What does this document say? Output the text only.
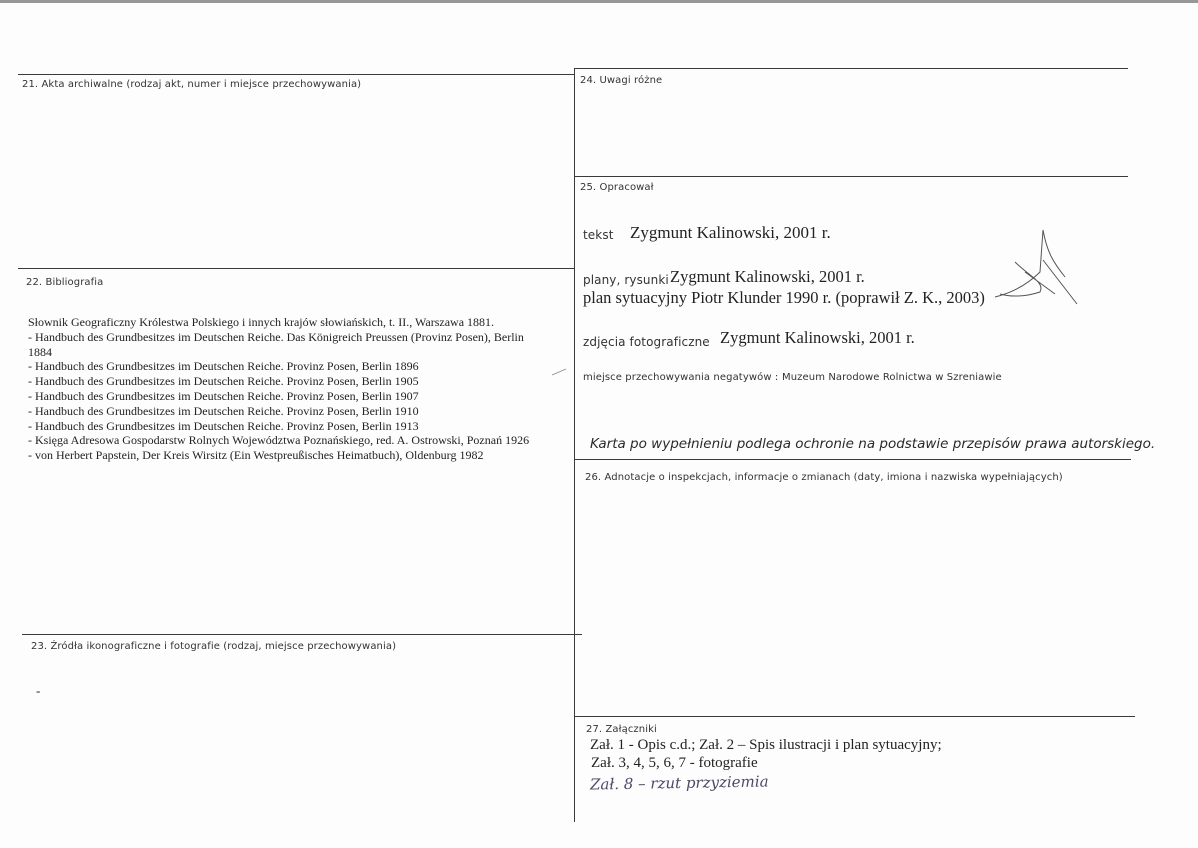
21. Akta archiwalne (rodzaj akt, numer i miejsce przechowywania)
22. Bibliografia
Słownik Geograficzny Królestwa Polskiego i innych krajów słowiańskich, t. II., Warszawa 1881.
- Handbuch des Grundbesitzes im Deutschen Reiche. Das Königreich Preussen (Provinz Posen), Berlin
1884
- Handbuch des Grundbesitzes im Deutschen Reiche. Provinz Posen, Berlin 1896
- Handbuch des Grundbesitzes im Deutschen Reiche. Provinz Posen, Berlin 1905
- Handbuch des Grundbesitzes im Deutschen Reiche. Provinz Posen, Berlin 1907
- Handbuch des Grundbesitzes im Deutschen Reiche. Provinz Posen, Berlin 1910
- Handbuch des Grundbesitzes im Deutschen Reiche. Provinz Posen, Berlin 1913
- Księga Adresowa Gospodarstw Rolnych Województwa Poznańskiego, red. A. Ostrowski, Poznań 1926
- von Herbert Papstein, Der Kreis Wirsitz (Ein Westpreußisches Heimatbuch), Oldenburg 1982
23. Źródła ikonograficzne i fotografie (rodzaj, miejsce przechowywania)
-
24. Uwagi różne
25. Opracował
tekst Zygmunt Kalinowski, 2001 r.
plany, rysunki Zygmunt Kalinowski, 2001 r.
plan sytuacyjny Piotr Klunder 1990 r. (poprawił Z. K., 2003)
zdjęcia fotograficzne Zygmunt Kalinowski, 2001 r.
miejsce przechowywania negatywów : Muzeum Narodowe Rolnictwa w Szreniawie
Karta po wypełnieniu podlega ochronie na podstawie przepisów prawa autorskiego.
26. Adnotacje o inspekcjach, informacje o zmianach (daty, imiona i nazwiska wypełniających)
27. Załączniki
Zał. 1 - Opis c.d.; Zał. 2 – Spis ilustracji i plan sytuacyjny;
Zał. 3, 4, 5, 6, 7 - fotografie
Zał. 8 – rzut przyziemia
